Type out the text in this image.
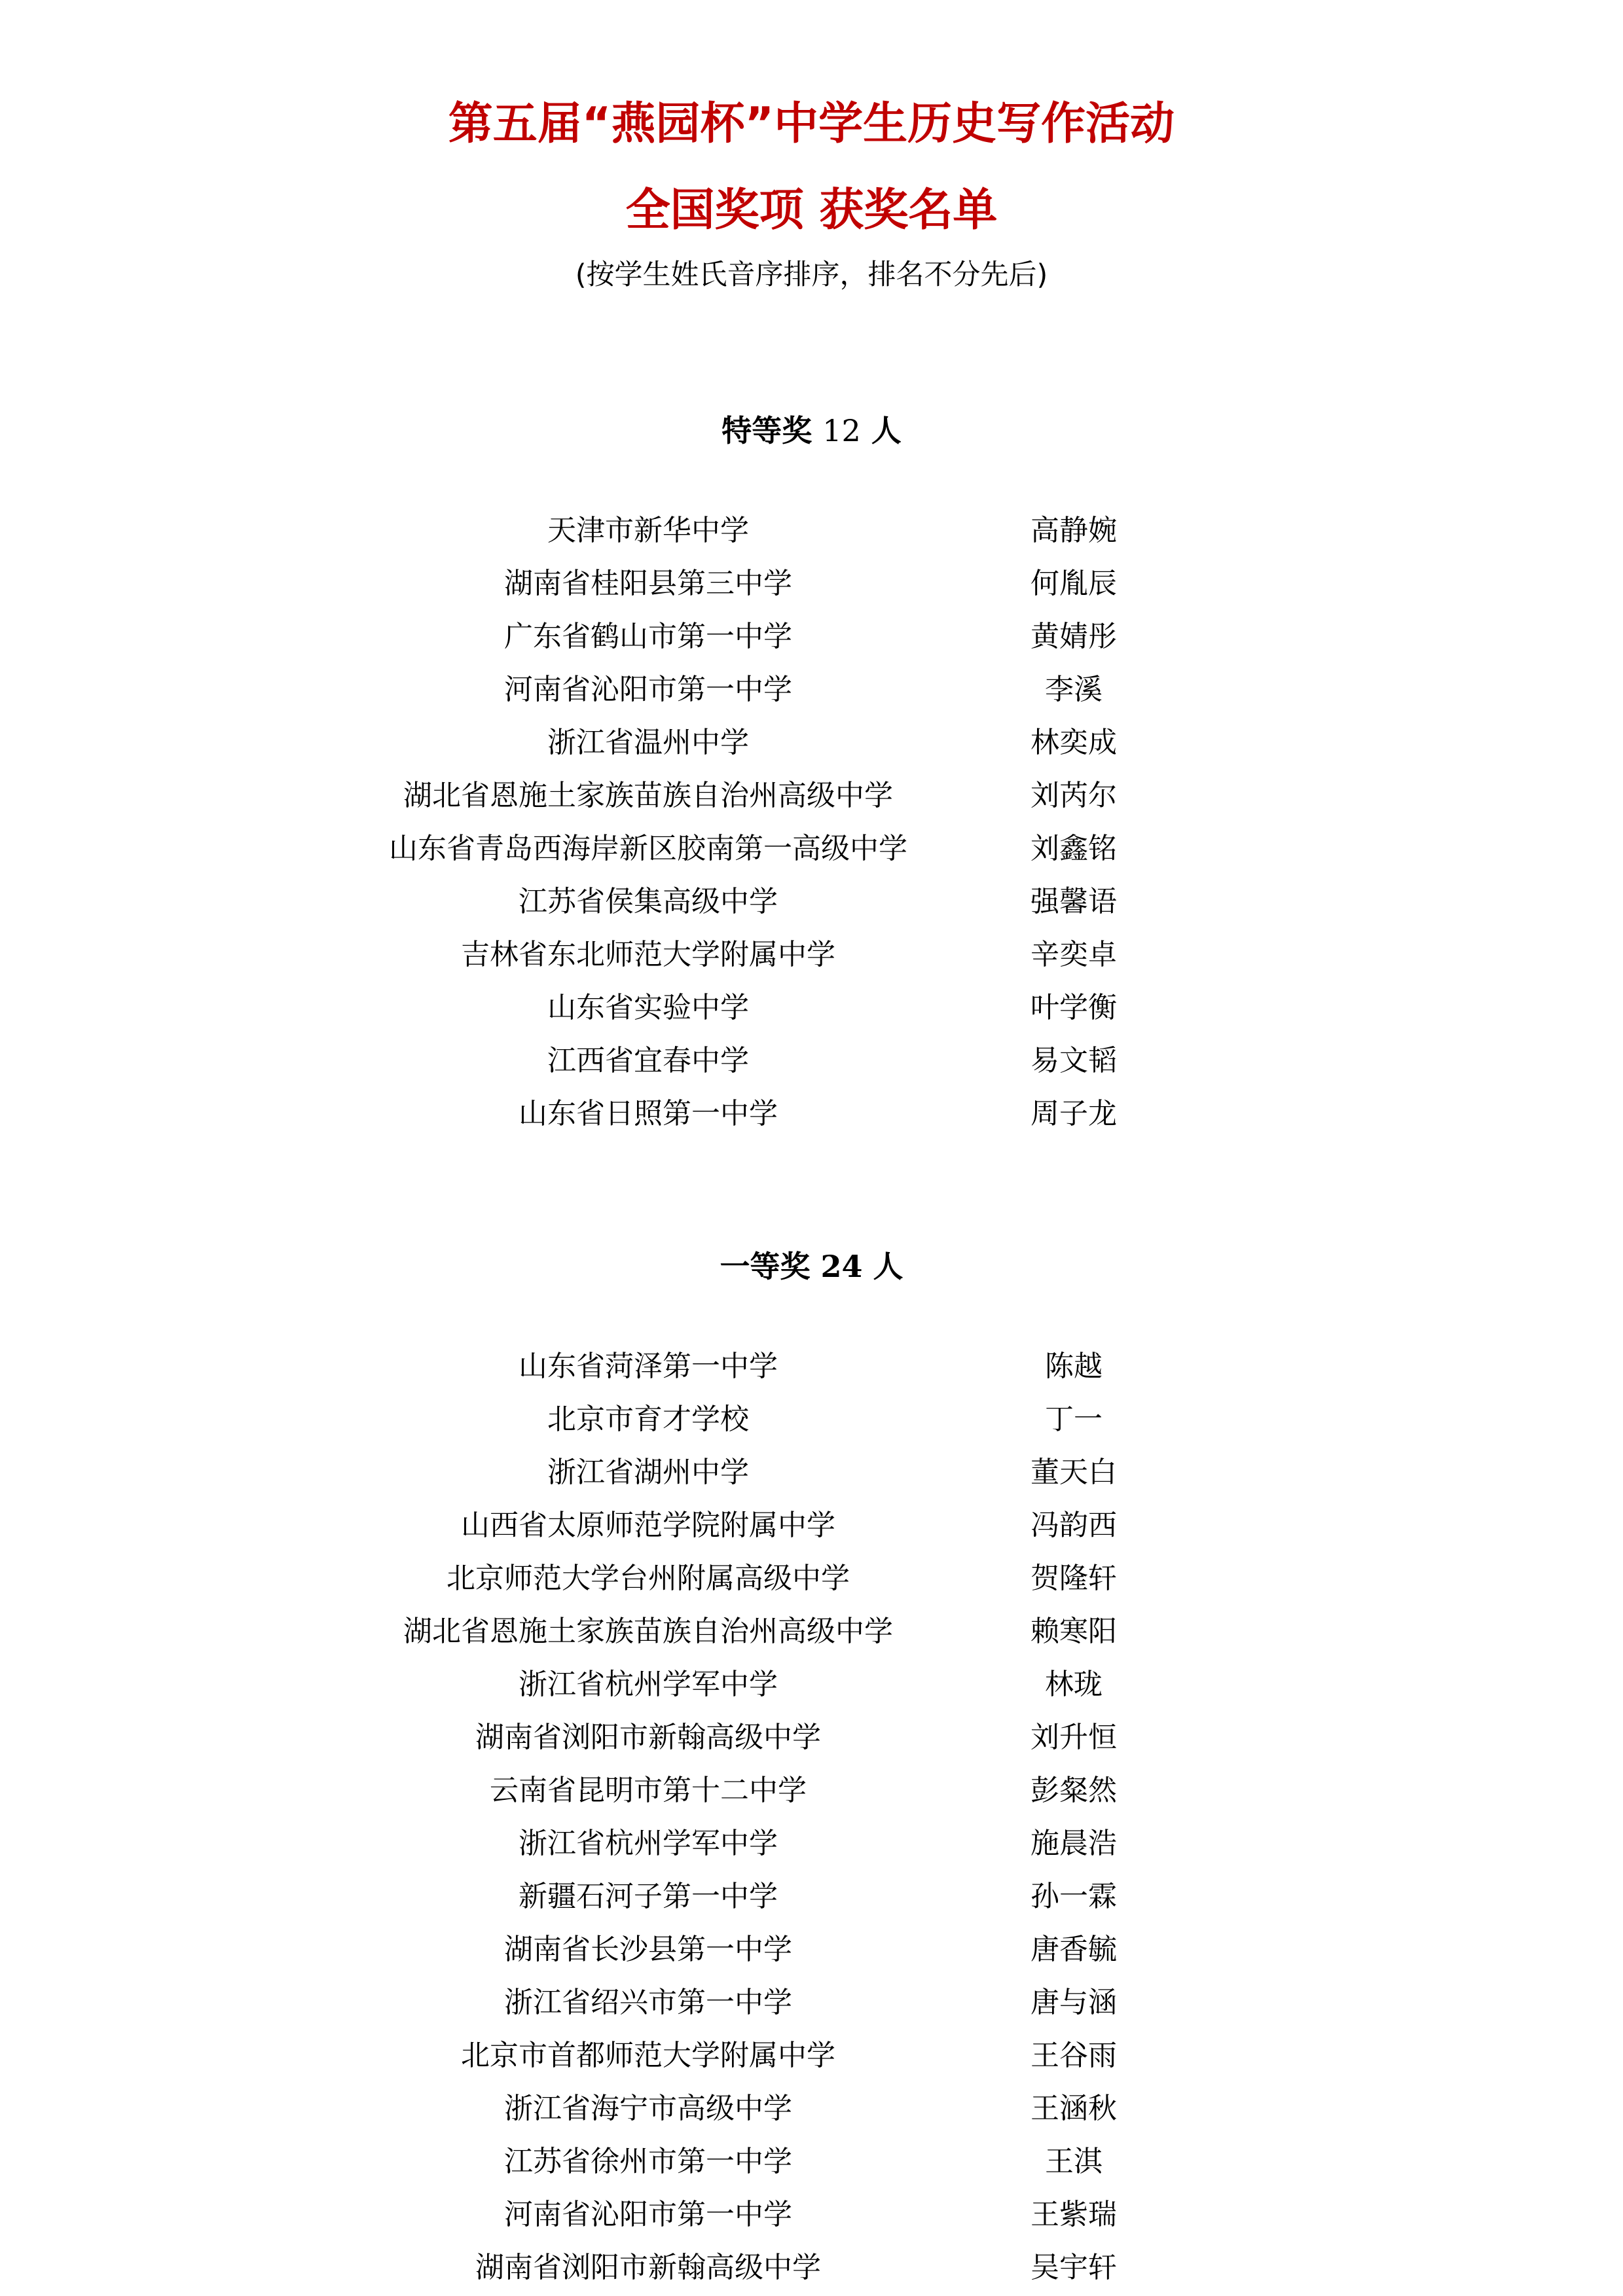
第五届“燕园杯”中学生历史写作活动
全国奖项 获奖名单
(按学生姓氏音序排序，排名不分先后)
特等奖 12 人
天津市新华中学	高静婉
湖南省桂阳县第三中学	何胤辰
广东省鹤山市第一中学	黄婧彤
河南省沁阳市第一中学	李溪
浙江省温州中学	林奕成
湖北省恩施土家族苗族自治州高级中学	刘芮尔
山东省青岛西海岸新区胶南第一高级中学	刘鑫铭
江苏省侯集高级中学	强馨语
吉林省东北师范大学附属中学	辛奕卓
山东省实验中学	叶学衡
江西省宜春中学	易文韬
山东省日照第一中学	周子龙
一等奖 24 人
山东省菏泽第一中学	陈越
北京市育才学校	丁一
浙江省湖州中学	董天白
山西省太原师范学院附属中学	冯韵西
北京师范大学台州附属高级中学	贺隆轩
湖北省恩施土家族苗族自治州高级中学	赖寒阳
浙江省杭州学军中学	林珑
湖南省浏阳市新翰高级中学	刘升恒
云南省昆明市第十二中学	彭粲然
浙江省杭州学军中学	施晨浩
新疆石河子第一中学	孙一霖
湖南省长沙县第一中学	唐香毓
浙江省绍兴市第一中学	唐与涵
北京市首都师范大学附属中学	王谷雨
浙江省海宁市高级中学	王涵秋
江苏省徐州市第一中学	王淇
河南省沁阳市第一中学	王紫瑞
湖南省浏阳市新翰高级中学	吴宇轩
